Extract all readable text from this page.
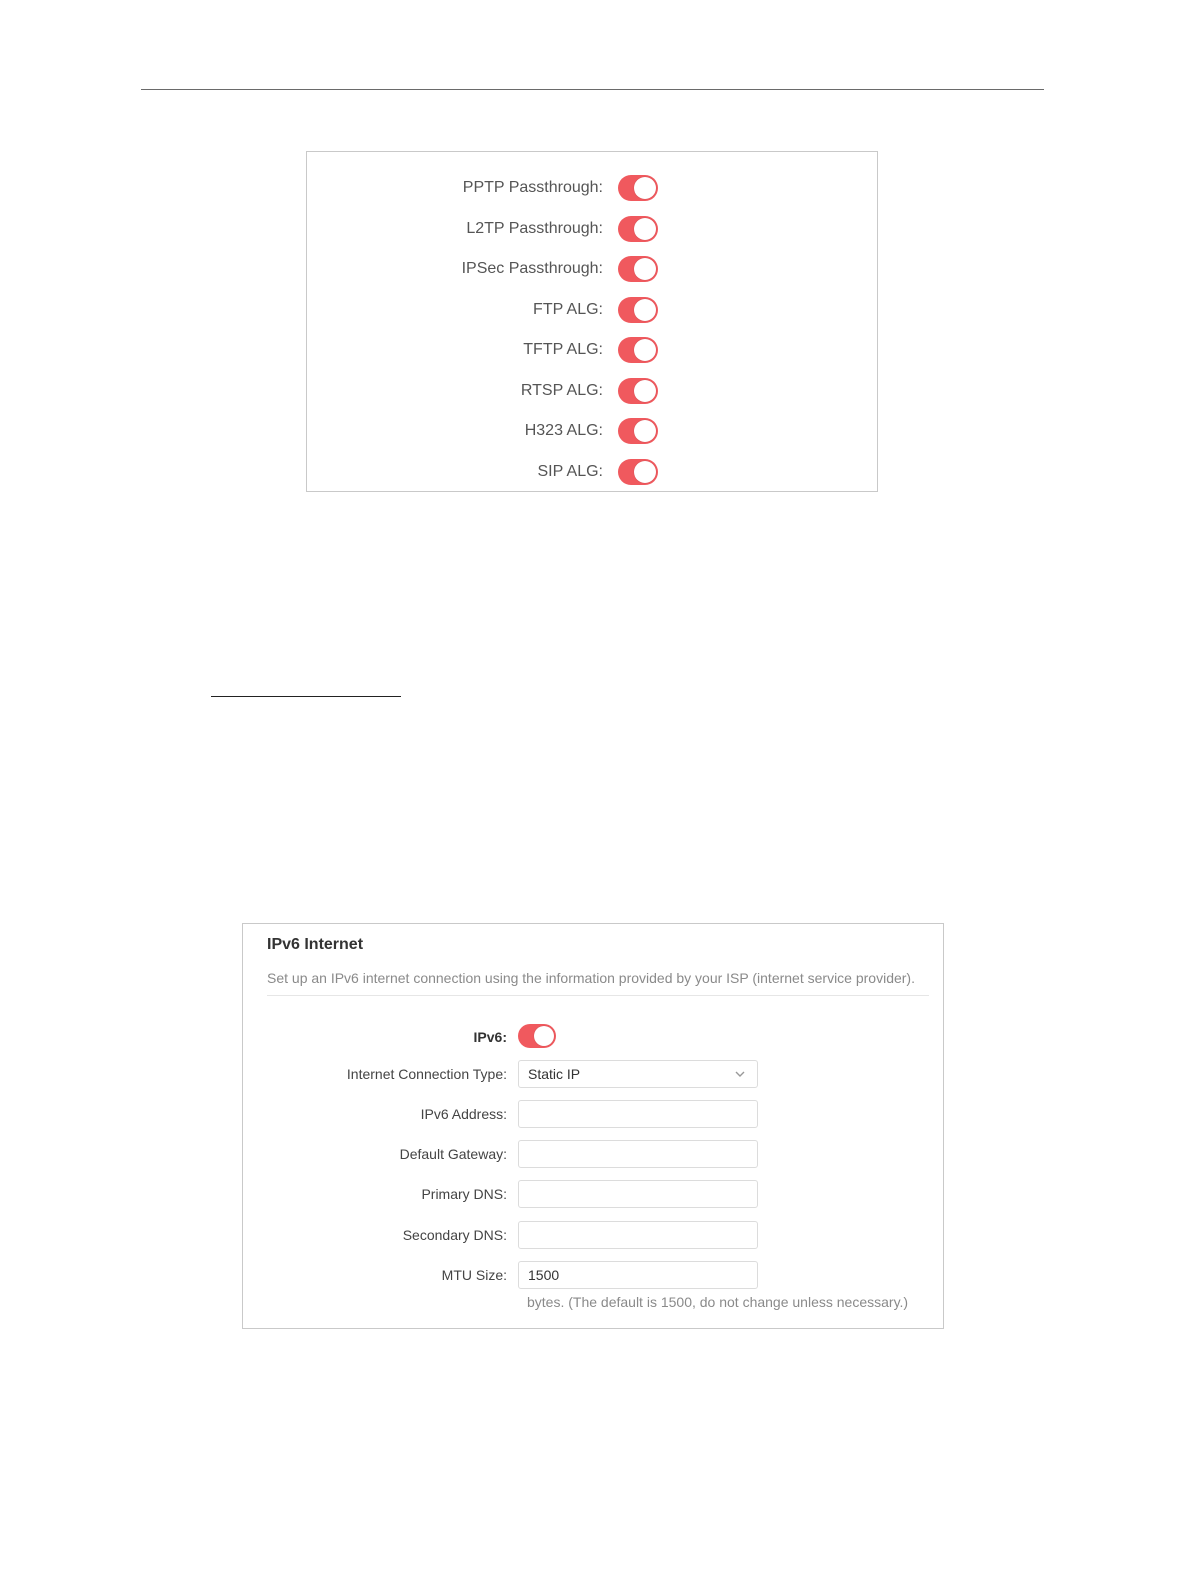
PPTP Passthrough:
L2TP Passthrough:
IPSec Passthrough:
FTP ALG:
TFTP ALG:
RTSP ALG:
H323 ALG:
SIP ALG:
IPv6 Internet
Set up an IPv6 internet connection using the information provided by your ISP (internet service provider).
IPv6:
Internet Connection Type: Static IP
IPv6 Address:
Default Gateway:
Primary DNS:
Secondary DNS:
MTU Size:
1500
bytes. (The default is 1500, do not change unless necessary.)
